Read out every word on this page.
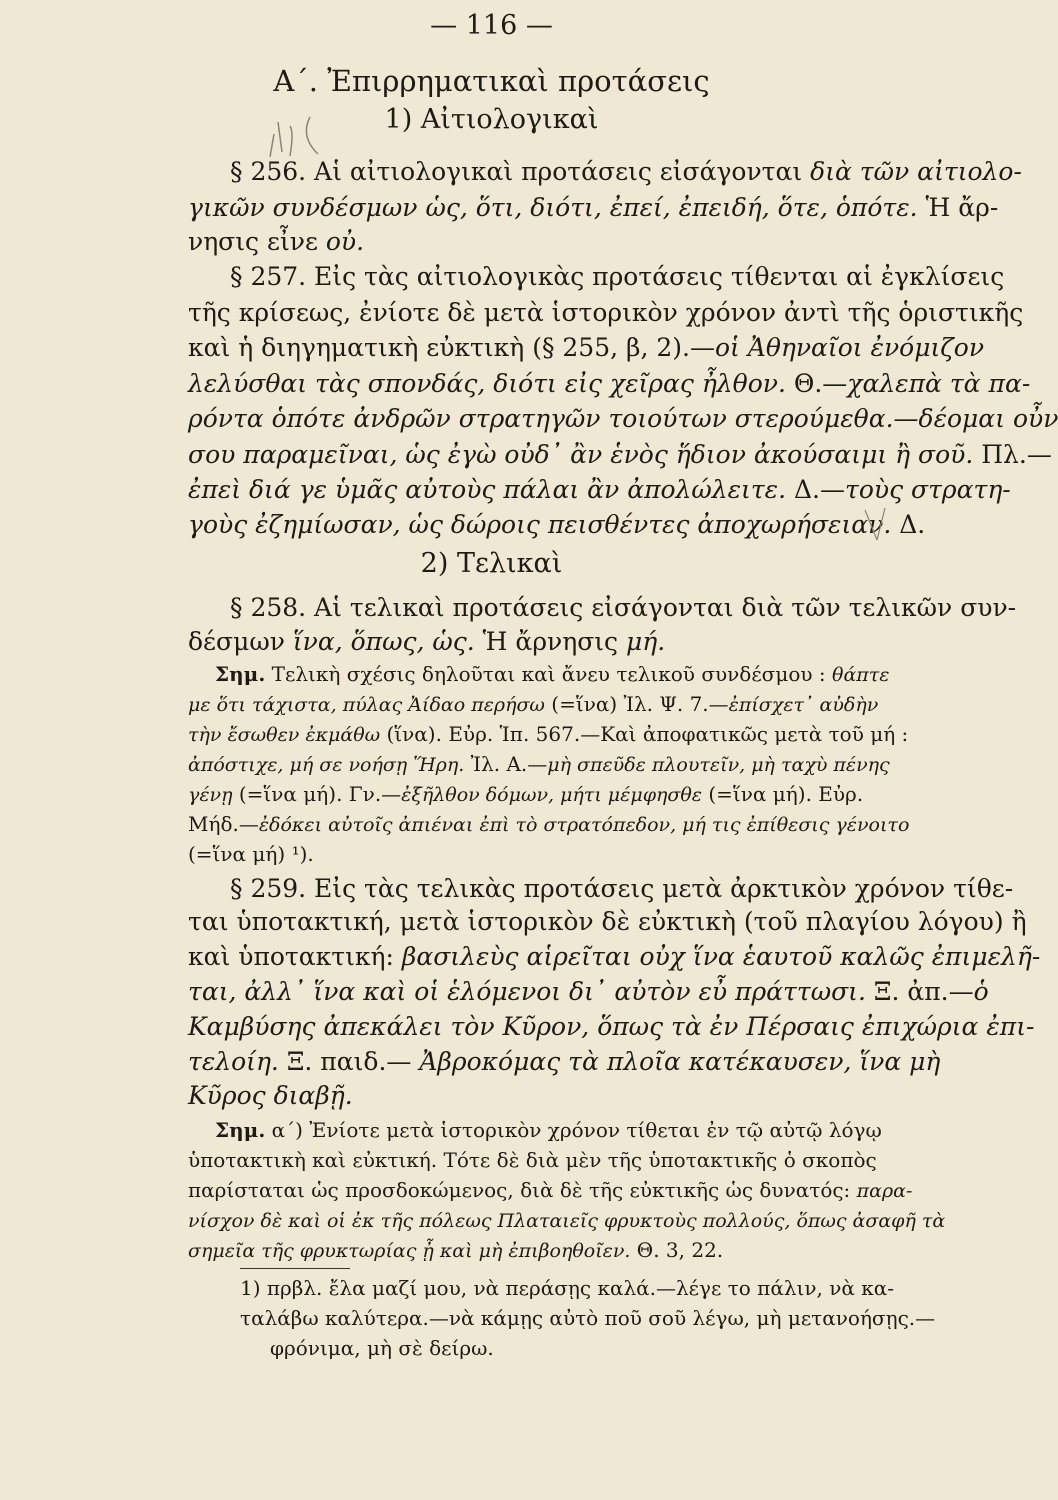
— 116 —
Α΄. Ἐπιρρηματικαὶ προτάσεις
1) Αἰτιολογικαὶ
§ 256. Αἱ αἰτιολογικαὶ προτάσεις εἰσάγονται διὰ τῶν αἰτιολο-
γικῶν συνδέσμων ὡς, ὅτι, διότι, ἐπεί, ἐπειδή, ὅτε, ὁπότε. Ἡ ἄρ-
νησις εἶνε οὐ.
§ 257. Εἰς τὰς αἰτιολογικὰς προτάσεις τίθενται αἱ ἐγκλίσεις
τῆς κρίσεως, ἐνίοτε δὲ μετὰ ἱστορικὸν χρόνον ἀντὶ τῆς ὁριστικῆς
καὶ ἡ διηγηματικὴ εὐκτικὴ (§ 255, β, 2).—οἱ Ἀθηναῖοι ἐνόμιζον
λελύσθαι τὰς σπονδάς, διότι εἰς χεῖρας ἦλθον. Θ.—χαλεπὰ τὰ πα-
ρόντα ὁπότε ἀνδρῶν στρατηγῶν τοιούτων στερούμεθα.—δέομαι οὖν
σου παραμεῖναι, ὡς ἐγὼ οὐδ᾽ ἂν ἑνὸς ἥδιον ἀκούσαιμι ἢ σοῦ. Πλ.—
ἐπεὶ διά γε ὑμᾶς αὐτοὺς πάλαι ἂν ἀπολώλειτε. Δ.—τοὺς στρατη-
γοὺς ἐζημίωσαν, ὡς δώροις πεισθέντες ἀποχωρήσειαν. Δ.
2) Τελικαὶ
§ 258. Αἱ τελικαὶ προτάσεις εἰσάγονται διὰ τῶν τελικῶν συν-
δέσμων ἵνα, ὅπως, ὡς. Ἡ ἄρνησις μή.
Σημ. Τελικὴ σχέσις δηλοῦται καὶ ἄνευ τελικοῦ συνδέσμου : θάπτε
με ὅτι τάχιστα, πύλας Ἀίδαο περήσω (=ἵνα) Ἰλ. Ψ. 7.—ἐπίσχετ᾽ αὐδὴν
τὴν ἔσωθεν ἐκμάθω (ἵνα). Εὐρ. Ἱπ. 567.—Καὶ ἀποφατικῶς μετὰ τοῦ μή :
ἀπόστιχε, μή σε νοήσῃ Ἥρη. Ἰλ. Α.—μὴ σπεῦδε πλουτεῖν, μὴ ταχὺ πένης
γένῃ (=ἵνα μή). Γν.—ἐξῆλθον δόμων, μήτι μέμφησθε (=ἵνα μή). Εὐρ.
Μήδ.—ἐδόκει αὐτοῖς ἀπιέναι ἐπὶ τὸ στρατόπεδον, μή τις ἐπίθεσις γένοιτο
(=ἵνα μή) ¹).
§ 259. Εἰς τὰς τελικὰς προτάσεις μετὰ ἀρκτικὸν χρόνον τίθε-
ται ὑποτακτική, μετὰ ἱστορικὸν δὲ εὐκτικὴ (τοῦ πλαγίου λόγου) ἢ
καὶ ὑποτακτική: βασιλεὺς αἱρεῖται οὐχ ἵνα ἑαυτοῦ καλῶς ἐπιμελῆ-
ται, ἀλλ᾽ ἵνα καὶ οἱ ἑλόμενοι δι᾽ αὐτὸν εὖ πράττωσι. Ξ. ἀπ.—ὁ
Καμβύσης ἀπεκάλει τὸν Κῦρον, ὅπως τὰ ἐν Πέρσαις ἐπιχώρια ἐπι-
τελοίη. Ξ. παιδ.— Ἀβροκόμας τὰ πλοῖα κατέκαυσεν, ἵνα μὴ
Κῦρος διαβῇ.
Σημ. α΄) Ἐνίοτε μετὰ ἱστορικὸν χρόνον τίθεται ἐν τῷ αὐτῷ λόγῳ
ὑποτακτικὴ καὶ εὐκτική. Τότε δὲ διὰ μὲν τῆς ὑποτακτικῆς ὁ σκοπὸς
παρίσταται ὡς προσδοκώμενος, διὰ δὲ τῆς εὐκτικῆς ὡς δυνατός: παρα-
νίσχον δὲ καὶ οἱ ἐκ τῆς πόλεως Πλαταιεῖς φρυκτοὺς πολλούς, ὅπως ἀσαφῆ τὰ
σημεῖα τῆς φρυκτωρίας ᾖ καὶ μὴ ἐπιβοηθοῖεν. Θ. 3, 22.
1) πρβλ. ἔλα μαζί μου, νὰ περάσῃς καλά.—λέγε το πάλιν, νὰ κα-
ταλάβω καλύτερα.—νὰ κάμῃς αὐτὸ ποῦ σοῦ λέγω, μὴ μετανοήσῃς.—
φρόνιμα, μὴ σὲ δείρω.
